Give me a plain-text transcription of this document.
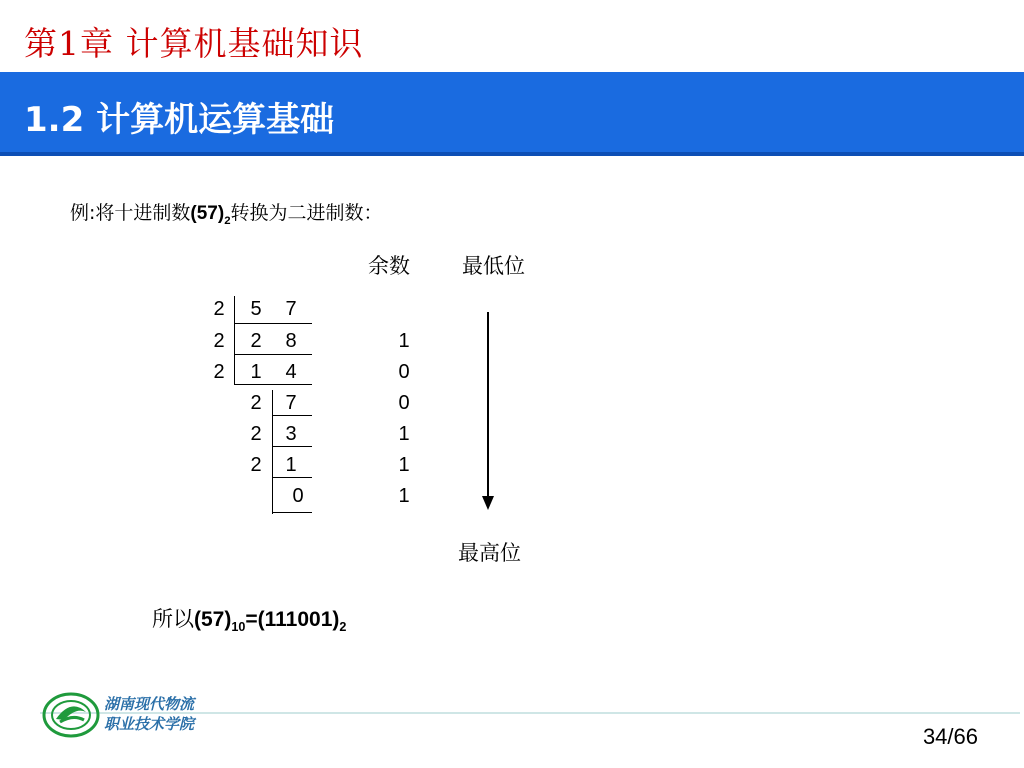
第1章 计算机基础知识
1.2 计算机运算基础
例:将十进制数$(57)_2$转换为二进制数：
余数 最低位
2 5 7
2 2 8
2 1 4
2 7
2 3
2 1
0
1
0
0
1
1
1
最高位
所以$(57)_{10}=(111001)_2$
湖南现代物流
职业技术学院	34/66
